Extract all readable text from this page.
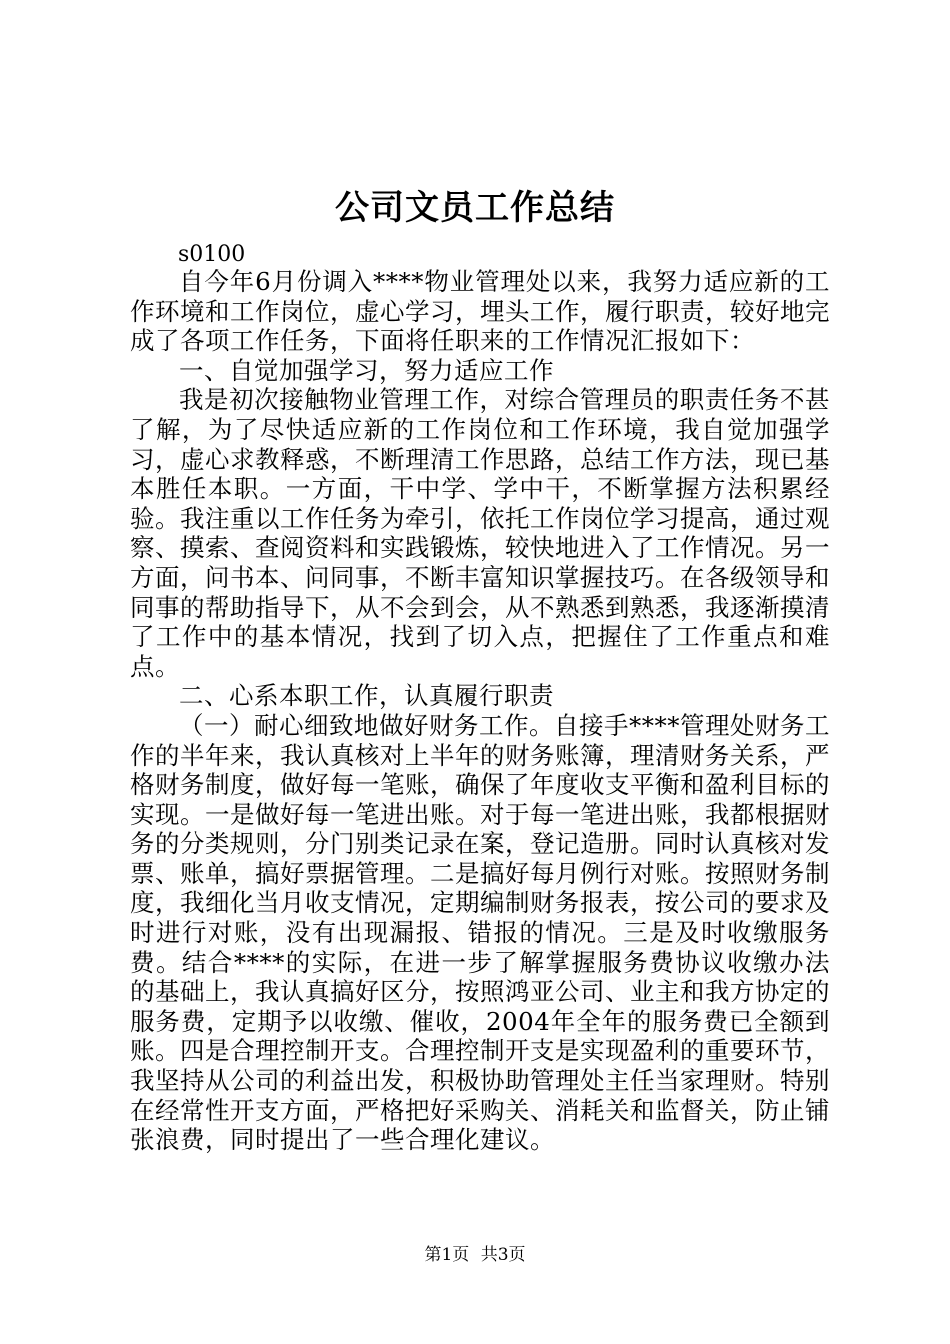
公司文员工作总结
s0100

自今年6月份调入****物业管理处以来，我努力适应新的工作环境和工作岗位，虚心学习，埋头工作，履行职责，较好地完成了各项工作任务，下面将任职来的工作情况汇报如下：

一、自觉加强学习，努力适应工作

我是初次接触物业管理工作，对综合管理员的职责任务不甚了解，为了尽快适应新的工作岗位和工作环境，我自觉加强学习，虚心求教释惑，不断理清工作思路，总结工作方法，现已基本胜任本职。一方面，干中学、学中干，不断掌握方法积累经验。我注重以工作任务为牵引，依托工作岗位学习提高，通过观察、摸索、查阅资料和实践锻炼，较快地进入了工作情况。另一方面，问书本、问同事，不断丰富知识掌握技巧。在各级领导和同事的帮助指导下，从不会到会，从不熟悉到熟悉，我逐渐摸清了工作中的基本情况，找到了切入点，把握住了工作重点和难点。

二、心系本职工作，认真履行职责

（一）耐心细致地做好财务工作。自接手****管理处财务工作的半年来，我认真核对上半年的财务账簿，理清财务关系，严格财务制度，做好每一笔账，确保了年度收支平衡和盈利目标的实现。一是做好每一笔进出账。对于每一笔进出账，我都根据财务的分类规则，分门别类记录在案，登记造册。同时认真核对发票、账单，搞好票据管理。二是搞好每月例行对账。按照财务制度，我细化当月收支情况，定期编制财务报表，按公司的要求及时进行对账，没有出现漏报、错报的情况。三是及时收缴服务费。结合****的实际，在进一步了解掌握服务费协议收缴办法的基础上，我认真搞好区分，按照鸿亚公司、业主和我方协定的服务费，定期予以收缴、催收，2004年全年的服务费已全额到账。四是合理控制开支。合理控制开支是实现盈利的重要环节，我坚持从公司的利益出发，积极协助管理处主任当家理财。特别在经常性开支方面，严格把好采购关、消耗关和监督关，防止铺张浪费，同时提出了一些合理化建议。

第1页 共3页
